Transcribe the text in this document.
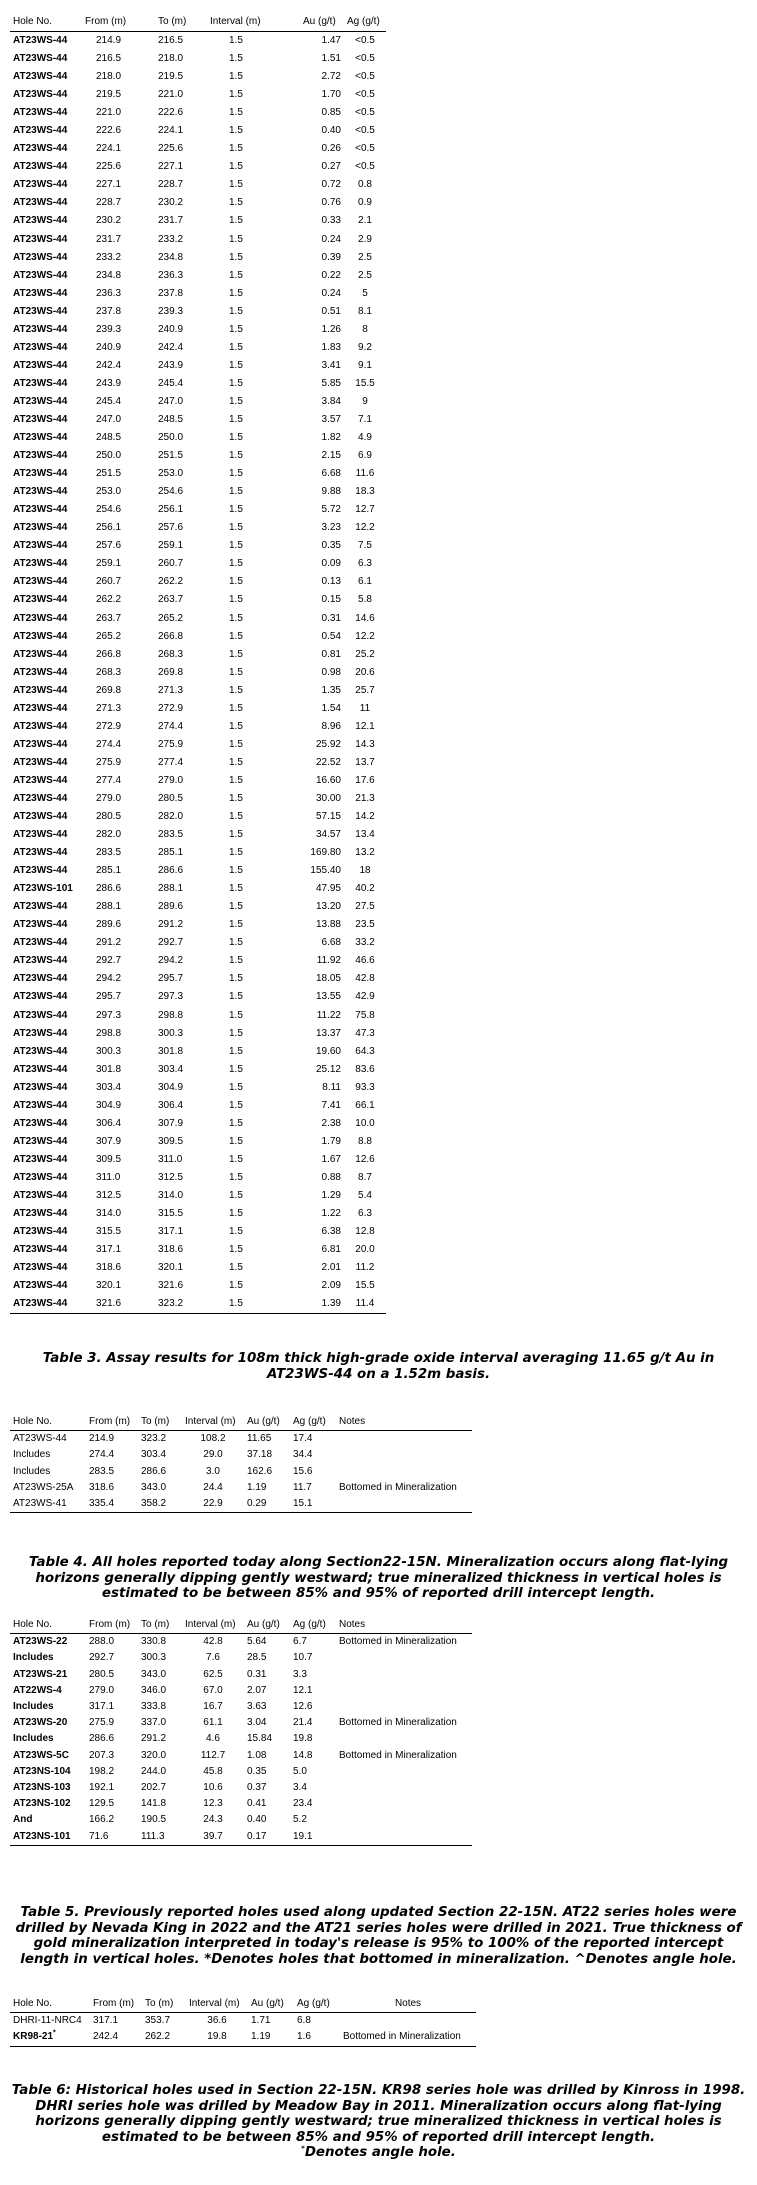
Hole No.	From (m)	To (m)	Interval (m)	Au (g/t)	Ag (g/t)
AT23WS-44	214.9	216.5	1.5	1.47	<0.5
AT23WS-44	216.5	218.0	1.5	1.51	<0.5
AT23WS-44	218.0	219.5	1.5	2.72	<0.5
AT23WS-44	219.5	221.0	1.5	1.70	<0.5
AT23WS-44	221.0	222.6	1.5	0.85	<0.5
AT23WS-44	222.6	224.1	1.5	0.40	<0.5
AT23WS-44	224.1	225.6	1.5	0.26	<0.5
AT23WS-44	225.6	227.1	1.5	0.27	<0.5
AT23WS-44	227.1	228.7	1.5	0.72	0.8
AT23WS-44	228.7	230.2	1.5	0.76	0.9
AT23WS-44	230.2	231.7	1.5	0.33	2.1
AT23WS-44	231.7	233.2	1.5	0.24	2.9
AT23WS-44	233.2	234.8	1.5	0.39	2.5
AT23WS-44	234.8	236.3	1.5	0.22	2.5
AT23WS-44	236.3	237.8	1.5	0.24	5
AT23WS-44	237.8	239.3	1.5	0.51	8.1
AT23WS-44	239.3	240.9	1.5	1.26	8
AT23WS-44	240.9	242.4	1.5	1.83	9.2
AT23WS-44	242.4	243.9	1.5	3.41	9.1
AT23WS-44	243.9	245.4	1.5	5.85	15.5
AT23WS-44	245.4	247.0	1.5	3.84	9
AT23WS-44	247.0	248.5	1.5	3.57	7.1
AT23WS-44	248.5	250.0	1.5	1.82	4.9
AT23WS-44	250.0	251.5	1.5	2.15	6.9
AT23WS-44	251.5	253.0	1.5	6.68	11.6
AT23WS-44	253.0	254.6	1.5	9.88	18.3
AT23WS-44	254.6	256.1	1.5	5.72	12.7
AT23WS-44	256.1	257.6	1.5	3.23	12.2
AT23WS-44	257.6	259.1	1.5	0.35	7.5
AT23WS-44	259.1	260.7	1.5	0.09	6.3
AT23WS-44	260.7	262.2	1.5	0.13	6.1
AT23WS-44	262.2	263.7	1.5	0.15	5.8
AT23WS-44	263.7	265.2	1.5	0.31	14.6
AT23WS-44	265.2	266.8	1.5	0.54	12.2
AT23WS-44	266.8	268.3	1.5	0.81	25.2
AT23WS-44	268.3	269.8	1.5	0.98	20.6
AT23WS-44	269.8	271.3	1.5	1.35	25.7
AT23WS-44	271.3	272.9	1.5	1.54	11
AT23WS-44	272.9	274.4	1.5	8.96	12.1
AT23WS-44	274.4	275.9	1.5	25.92	14.3
AT23WS-44	275.9	277.4	1.5	22.52	13.7
AT23WS-44	277.4	279.0	1.5	16.60	17.6
AT23WS-44	279.0	280.5	1.5	30.00	21.3
AT23WS-44	280.5	282.0	1.5	57.15	14.2
AT23WS-44	282.0	283.5	1.5	34.57	13.4
AT23WS-44	283.5	285.1	1.5	169.80	13.2
AT23WS-44	285.1	286.6	1.5	155.40	18
AT23WS-101	286.6	288.1	1.5	47.95	40.2
AT23WS-44	288.1	289.6	1.5	13.20	27.5
AT23WS-44	289.6	291.2	1.5	13.88	23.5
AT23WS-44	291.2	292.7	1.5	6.68	33.2
AT23WS-44	292.7	294.2	1.5	11.92	46.6
AT23WS-44	294.2	295.7	1.5	18.05	42.8
AT23WS-44	295.7	297.3	1.5	13.55	42.9
AT23WS-44	297.3	298.8	1.5	11.22	75.8
AT23WS-44	298.8	300.3	1.5	13.37	47.3
AT23WS-44	300.3	301.8	1.5	19.60	64.3
AT23WS-44	301.8	303.4	1.5	25.12	83.6
AT23WS-44	303.4	304.9	1.5	8.11	93.3
AT23WS-44	304.9	306.4	1.5	7.41	66.1
AT23WS-44	306.4	307.9	1.5	2.38	10.0
AT23WS-44	307.9	309.5	1.5	1.79	8.8
AT23WS-44	309.5	311.0	1.5	1.67	12.6
AT23WS-44	311.0	312.5	1.5	0.88	8.7
AT23WS-44	312.5	314.0	1.5	1.29	5.4
AT23WS-44	314.0	315.5	1.5	1.22	6.3
AT23WS-44	315.5	317.1	1.5	6.38	12.8
AT23WS-44	317.1	318.6	1.5	6.81	20.0
AT23WS-44	318.6	320.1	1.5	2.01	11.2
AT23WS-44	320.1	321.6	1.5	2.09	15.5
AT23WS-44	321.6	323.2	1.5	1.39	11.4

Table 3. Assay results for 108m thick high-grade oxide interval averaging 11.65 g/t Au in AT23WS-44 on a 1.52m basis.

Hole No.	From (m)	To (m)	Interval (m)	Au (g/t)	Ag (g/t)	Notes
AT23WS-44	214.9	323.2	108.2	11.65	17.4	
Includes	274.4	303.4	29.0	37.18	34.4	
Includes	283.5	286.6	3.0	162.6	15.6	
AT23WS-25A	318.6	343.0	24.4	1.19	11.7	Bottomed in Mineralization
AT23WS-41	335.4	358.2	22.9	0.29	15.1	

Table 4. All holes reported today along Section22-15N. Mineralization occurs along flat-lying horizons generally dipping gently westward; true mineralized thickness in vertical holes is estimated to be between 85% and 95% of reported drill intercept length.

Hole No.	From (m)	To (m)	Interval (m)	Au (g/t)	Ag (g/t)	Notes
AT23WS-22	288.0	330.8	42.8	5.64	6.7	Bottomed in Mineralization
Includes	292.7	300.3	7.6	28.5	10.7	
AT23WS-21	280.5	343.0	62.5	0.31	3.3	
AT22WS-4	279.0	346.0	67.0	2.07	12.1	
Includes	317.1	333.8	16.7	3.63	12.6	
AT23WS-20	275.9	337.0	61.1	3.04	21.4	Bottomed in Mineralization
Includes	286.6	291.2	4.6	15.84	19.8	
AT23WS-5C	207.3	320.0	112.7	1.08	14.8	Bottomed in Mineralization
AT23NS-104	198.2	244.0	45.8	0.35	5.0	
AT23NS-103	192.1	202.7	10.6	0.37	3.4	
AT23NS-102	129.5	141.8	12.3	0.41	23.4	
And	166.2	190.5	24.3	0.40	5.2	
AT23NS-101	71.6	111.3	39.7	0.17	19.1	

Table 5. Previously reported holes used along updated Section 22-15N. AT22 series holes were drilled by Nevada King in 2022 and the AT21 series holes were drilled in 2021. True thickness of gold mineralization interpreted in today's release is 95% to 100% of the reported intercept length in vertical holes. *Denotes holes that bottomed in mineralization. ^Denotes angle hole.

Hole No.	From (m)	To (m)	Interval (m)	Au (g/t)	Ag (g/t)	Notes
DHRI-11-NRC4	317.1	353.7	36.6	1.71	6.8	
KR98-21*	242.4	262.2	19.8	1.19	1.6	Bottomed in Mineralization
Table 6: Historical holes used in Section 22-15N. KR98 series hole was drilled by Kinross in 1998. DHRI series hole was drilled by Meadow Bay in 2011. Mineralization occurs along flat-lying horizons generally dipping gently westward; true mineralized thickness in vertical holes is estimated to be between 85% and 95% of reported drill intercept length.
*Denotes angle hole.
